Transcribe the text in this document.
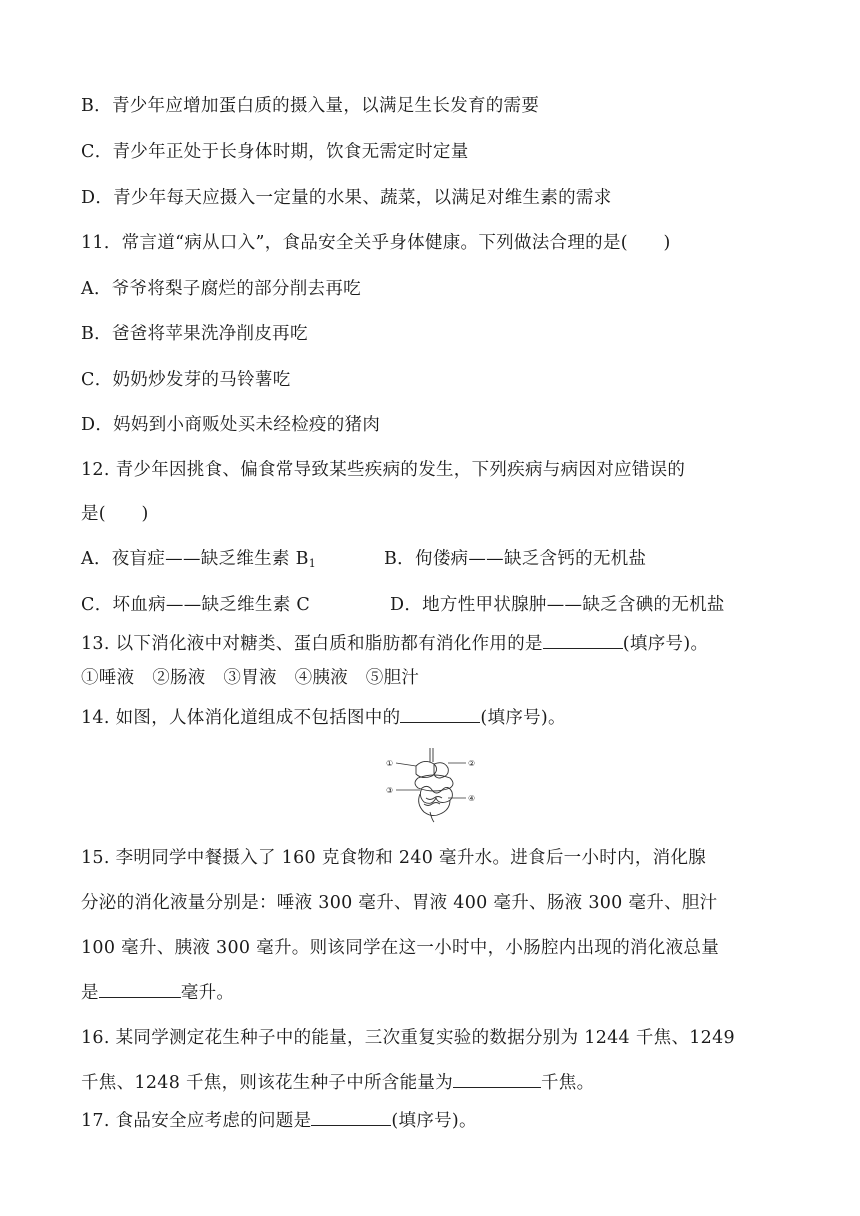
B．青少年应增加蛋白质的摄入量，以满足生长发育的需要
C．青少年正处于长身体时期，饮食无需定时定量
D．青少年每天应摄入一定量的水果、蔬菜，以满足对维生素的需求
11．常言道“病从口入”，食品安全关乎身体健康。下列做法合理的是(　　)
A．爷爷将梨子腐烂的部分削去再吃
B．爸爸将苹果洗净削皮再吃
C．奶奶炒发芽的马铃薯吃
D．妈妈到小商贩处买未经检疫的猪肉
12. 青少年因挑食、偏食常导致某些疾病的发生，下列疾病与病因对应错误的
是(　　)
A．夜盲症——缺乏维生素 $B_1$	B．佝偻病——缺乏含钙的无机盐
C．坏血病——缺乏维生素 C	D．地方性甲状腺肿——缺乏含碘的无机盐
13. 以下消化液中对糖类、蛋白质和脂肪都有消化作用的是	(填序号)。
①唾液　②肠液　③胃液　④胰液　⑤胆汁
14. 如图，人体消化道组成不包括图中的	(填序号)。
①	②
③
④
15. 李明同学中餐摄入了 160 克食物和 240 毫升水。进食后一小时内，消化腺
分泌的消化液量分别是：唾液 300 毫升、胃液 400 毫升、肠液 300 毫升、胆汁
100 毫升、胰液 300 毫升。则该同学在这一小时中，小肠腔内出现的消化液总量
是	毫升。
16. 某同学测定花生种子中的能量，三次重复实验的数据分别为 1244 千焦、1249
千焦、1248 千焦，则该花生种子中所含能量为	千焦。
17. 食品安全应考虑的问题是	(填序号)。
